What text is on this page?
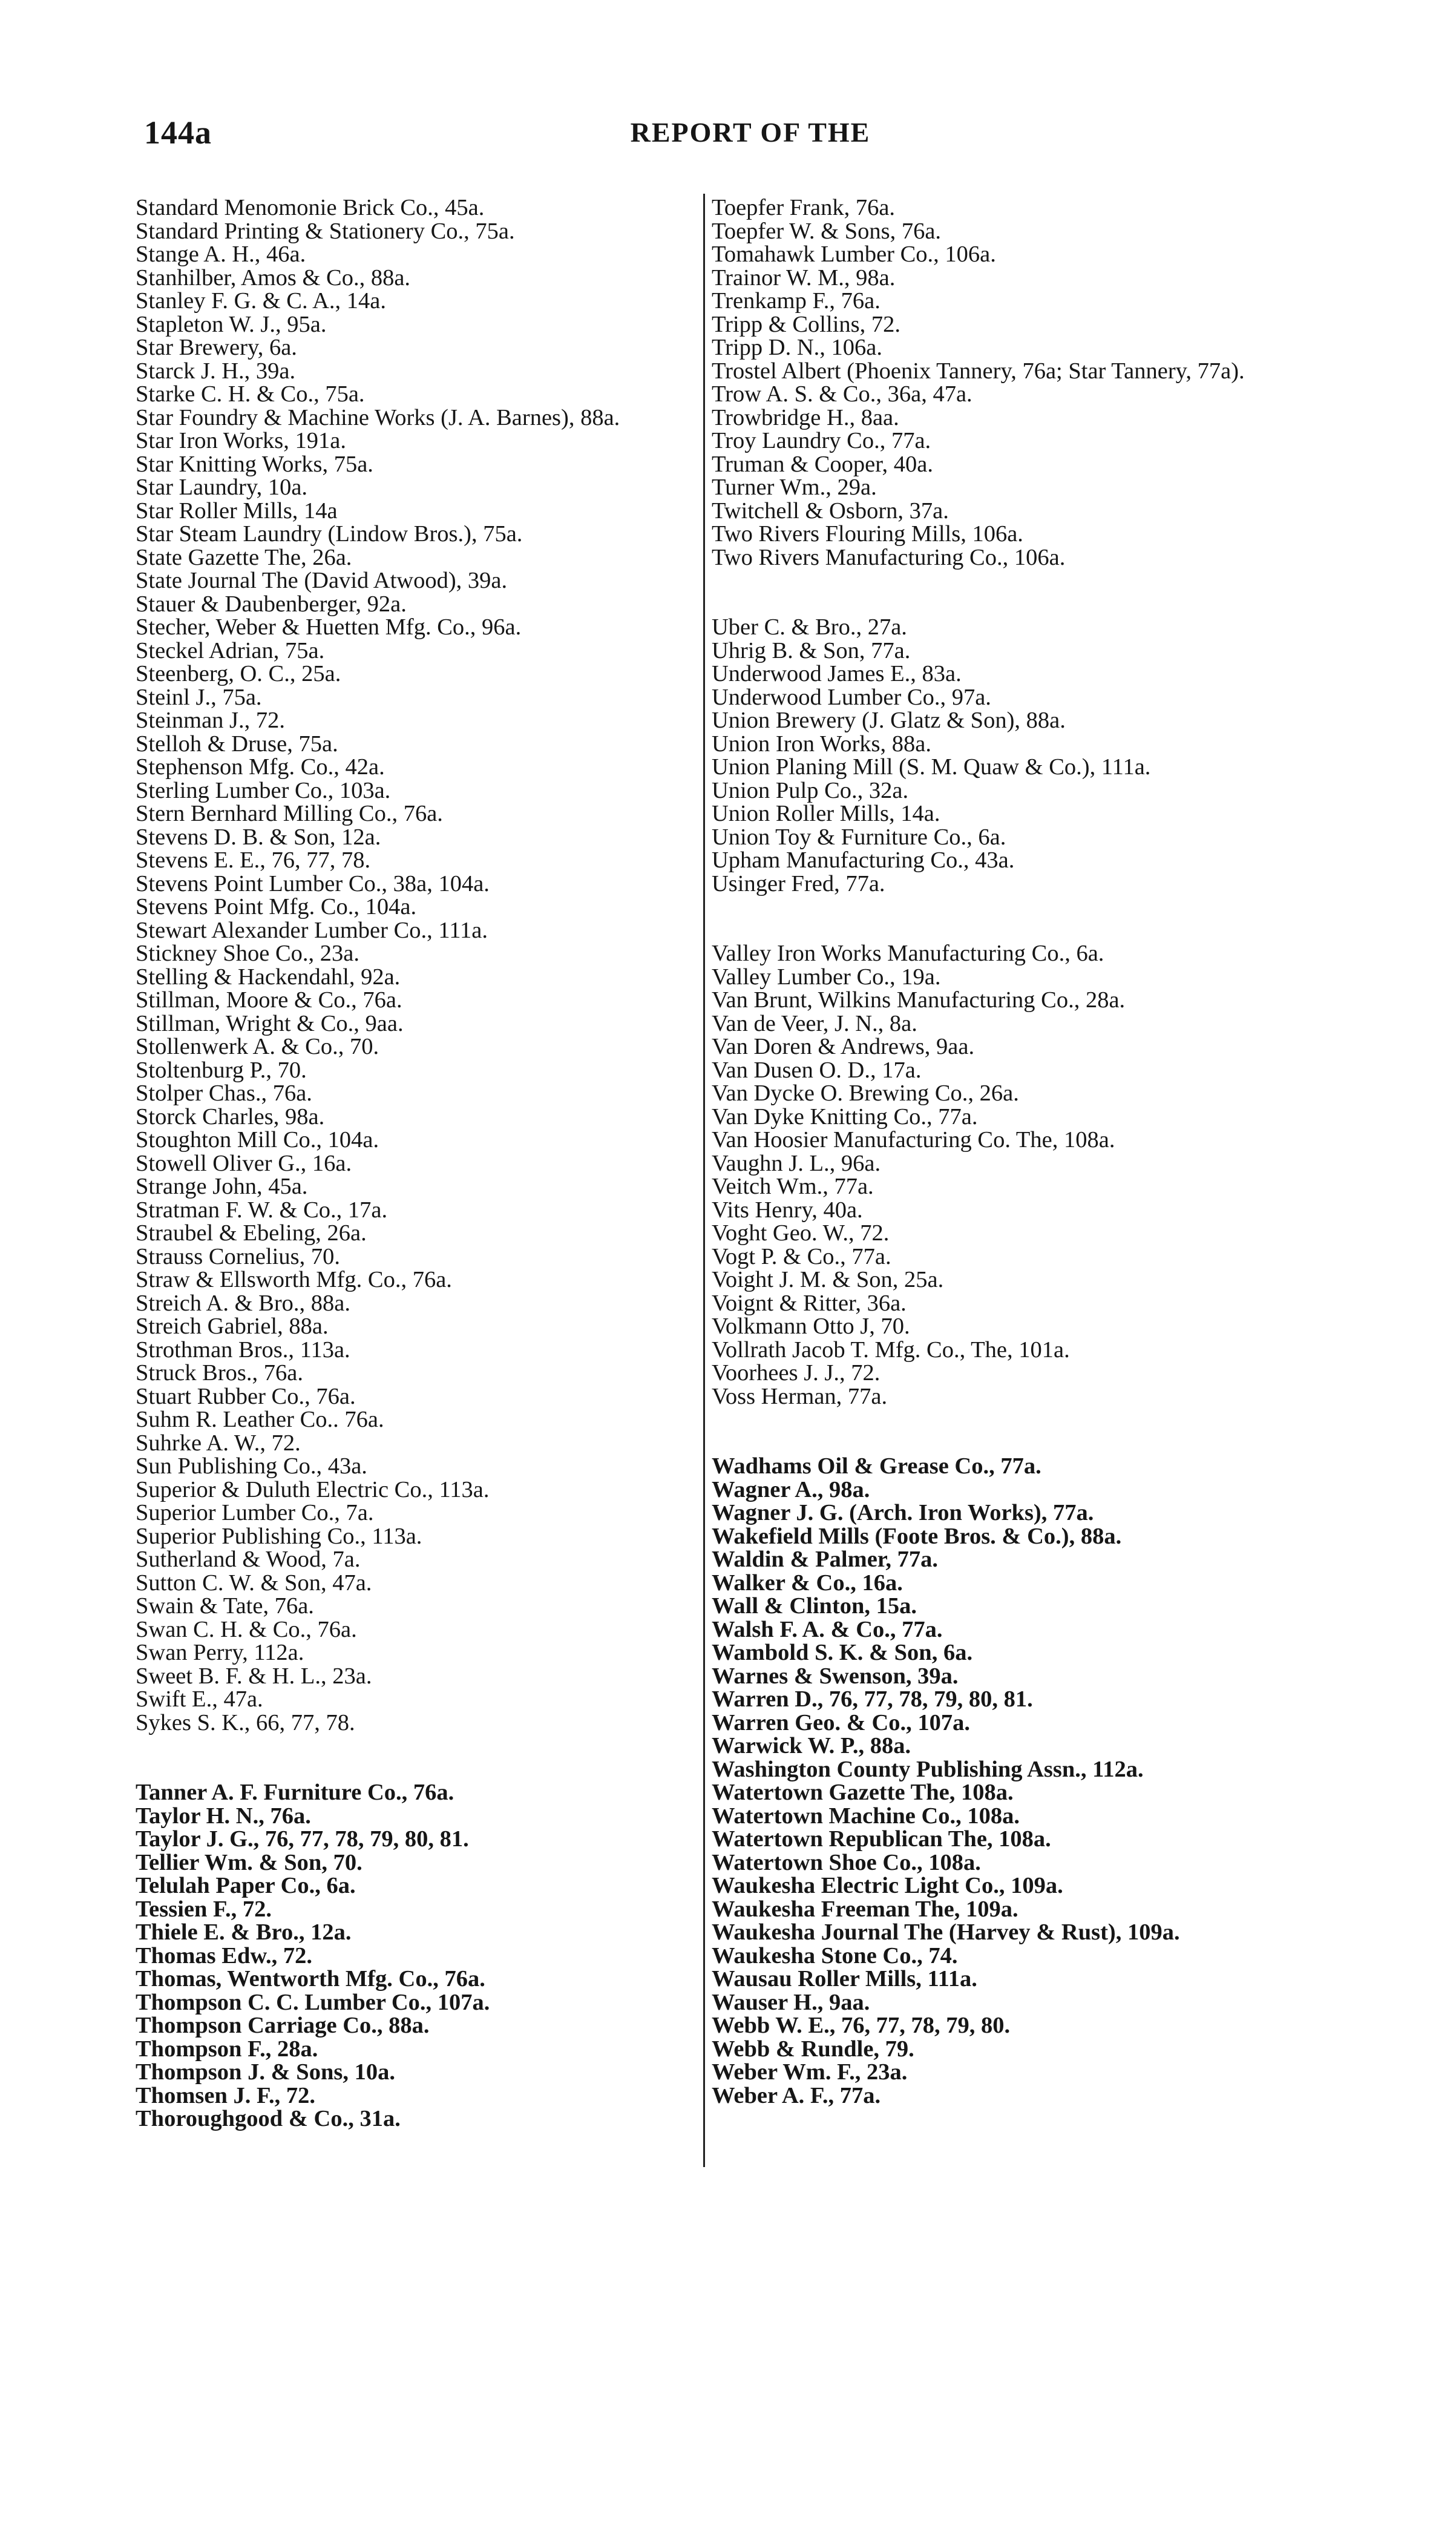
144a	REPORT OF THE
Standard Menomonie Brick Co., 45a.
Standard Printing & Stationery Co., 75a.
Stange A. H., 46a.
Stanhilber, Amos & Co., 88a.
Stanley F. G. & C. A., 14a.
Stapleton W. J., 95a.
Star Brewery, 6a.
Starck J. H., 39a.
Starke C. H. & Co., 75a.
Star Foundry & Machine Works (J. A. Barnes), 88a.
Star Iron Works, 191a.
Star Knitting Works, 75a.
Star Laundry, 10a.
Star Roller Mills, 14a
Star Steam Laundry (Lindow Bros.), 75a.
State Gazette The, 26a.
State Journal The (David Atwood), 39a.
Stauer & Daubenberger, 92a.
Stecher, Weber & Huetten Mfg. Co., 96a.
Steckel Adrian, 75a.
Steenberg, O. C., 25a.
Steinl J., 75a.
Steinman J., 72.
Stelloh & Druse, 75a.
Stephenson Mfg. Co., 42a.
Sterling Lumber Co., 103a.
Stern Bernhard Milling Co., 76a.
Stevens D. B. & Son, 12a.
Stevens E. E., 76, 77, 78.
Stevens Point Lumber Co., 38a, 104a.
Stevens Point Mfg. Co., 104a.
Stewart Alexander Lumber Co., 111a.
Stickney Shoe Co., 23a.
Stelling & Hackendahl, 92a.
Stillman, Moore & Co., 76a.
Stillman, Wright & Co., 9aa.
Stollenwerk A. & Co., 70.
Stoltenburg P., 70.
Stolper Chas., 76a.
Storck Charles, 98a.
Stoughton Mill Co., 104a.
Stowell Oliver G., 16a.
Strange John, 45a.
Stratman F. W. & Co., 17a.
Straubel & Ebeling, 26a.
Strauss Cornelius, 70.
Straw & Ellsworth Mfg. Co., 76a.
Streich A. & Bro., 88a.
Streich Gabriel, 88a.
Strothman Bros., 113a.
Struck Bros., 76a.
Stuart Rubber Co., 76a.
Suhm R. Leather Co.. 76a.
Suhrke A. W., 72.
Sun Publishing Co., 43a.
Superior & Duluth Electric Co., 113a.
Superior Lumber Co., 7a.
Superior Publishing Co., 113a.
Sutherland & Wood, 7a.
Sutton C. W. & Son, 47a.
Swain & Tate, 76a.
Swan C. H. & Co., 76a.
Swan Perry, 112a.
Sweet B. F. & H. L., 23a.
Swift E., 47a.
Sykes S. K., 66, 77, 78.
Tanner A. F. Furniture Co., 76a.
Taylor H. N., 76a.
Taylor J. G., 76, 77, 78, 79, 80, 81.
Tellier Wm. & Son, 70.
Telulah Paper Co., 6a.
Tessien F., 72.
Thiele E. & Bro., 12a.
Thomas Edw., 72.
Thomas, Wentworth Mfg. Co., 76a.
Thompson C. C. Lumber Co., 107a.
Thompson Carriage Co., 88a.
Thompson F., 28a.
Thompson J. & Sons, 10a.
Thomsen J. F., 72.
Thoroughgood & Co., 31a.
Toepfer Frank, 76a.
Toepfer W. & Sons, 76a.
Tomahawk Lumber Co., 106a.
Trainor W. M., 98a.
Trenkamp F., 76a.
Tripp & Collins, 72.
Tripp D. N., 106a.
Trostel Albert (Phoenix Tannery, 76a; Star Tannery, 77a).
Trow A. S. & Co., 36a, 47a.
Trowbridge H., 8aa.
Troy Laundry Co., 77a.
Truman & Cooper, 40a.
Turner Wm., 29a.
Twitchell & Osborn, 37a.
Two Rivers Flouring Mills, 106a.
Two Rivers Manufacturing Co., 106a.
Uber C. & Bro., 27a.
Uhrig B. & Son, 77a.
Underwood James E., 83a.
Underwood Lumber Co., 97a.
Union Brewery (J. Glatz & Son), 88a.
Union Iron Works, 88a.
Union Planing Mill (S. M. Quaw & Co.), 111a.
Union Pulp Co., 32a.
Union Roller Mills, 14a.
Union Toy & Furniture Co., 6a.
Upham Manufacturing Co., 43a.
Usinger Fred, 77a.
Valley Iron Works Manufacturing Co., 6a.
Valley Lumber Co., 19a.
Van Brunt, Wilkins Manufacturing Co., 28a.
Van de Veer, J. N., 8a.
Van Doren & Andrews, 9aa.
Van Dusen O. D., 17a.
Van Dycke O. Brewing Co., 26a.
Van Dyke Knitting Co., 77a.
Van Hoosier Manufacturing Co. The, 108a.
Vaughn J. L., 96a.
Veitch Wm., 77a.
Vits Henry, 40a.
Voght Geo. W., 72.
Vogt P. & Co., 77a.
Voight J. M. & Son, 25a.
Voignt & Ritter, 36a.
Volkmann Otto J, 70.
Vollrath Jacob T. Mfg. Co., The, 101a.
Voorhees J. J., 72.
Voss Herman, 77a.
Wadhams Oil & Grease Co., 77a.
Wagner A., 98a.
Wagner J. G. (Arch. Iron Works), 77a.
Wakefield Mills (Foote Bros. & Co.), 88a.
Waldin & Palmer, 77a.
Walker & Co., 16a.
Wall & Clinton, 15a.
Walsh F. A. & Co., 77a.
Wambold S. K. & Son, 6a.
Warnes & Swenson, 39a.
Warren D., 76, 77, 78, 79, 80, 81.
Warren Geo. & Co., 107a.
Warwick W. P., 88a.
Washington County Publishing Assn., 112a.
Watertown Gazette The, 108a.
Watertown Machine Co., 108a.
Watertown Republican The, 108a.
Watertown Shoe Co., 108a.
Waukesha Electric Light Co., 109a.
Waukesha Freeman The, 109a.
Waukesha Journal The (Harvey & Rust), 109a.
Waukesha Stone Co., 74.
Wausau Roller Mills, 111a.
Wauser H., 9aa.
Webb W. E., 76, 77, 78, 79, 80.
Webb & Rundle, 79.
Weber Wm. F., 23a.
Weber A. F., 77a.
